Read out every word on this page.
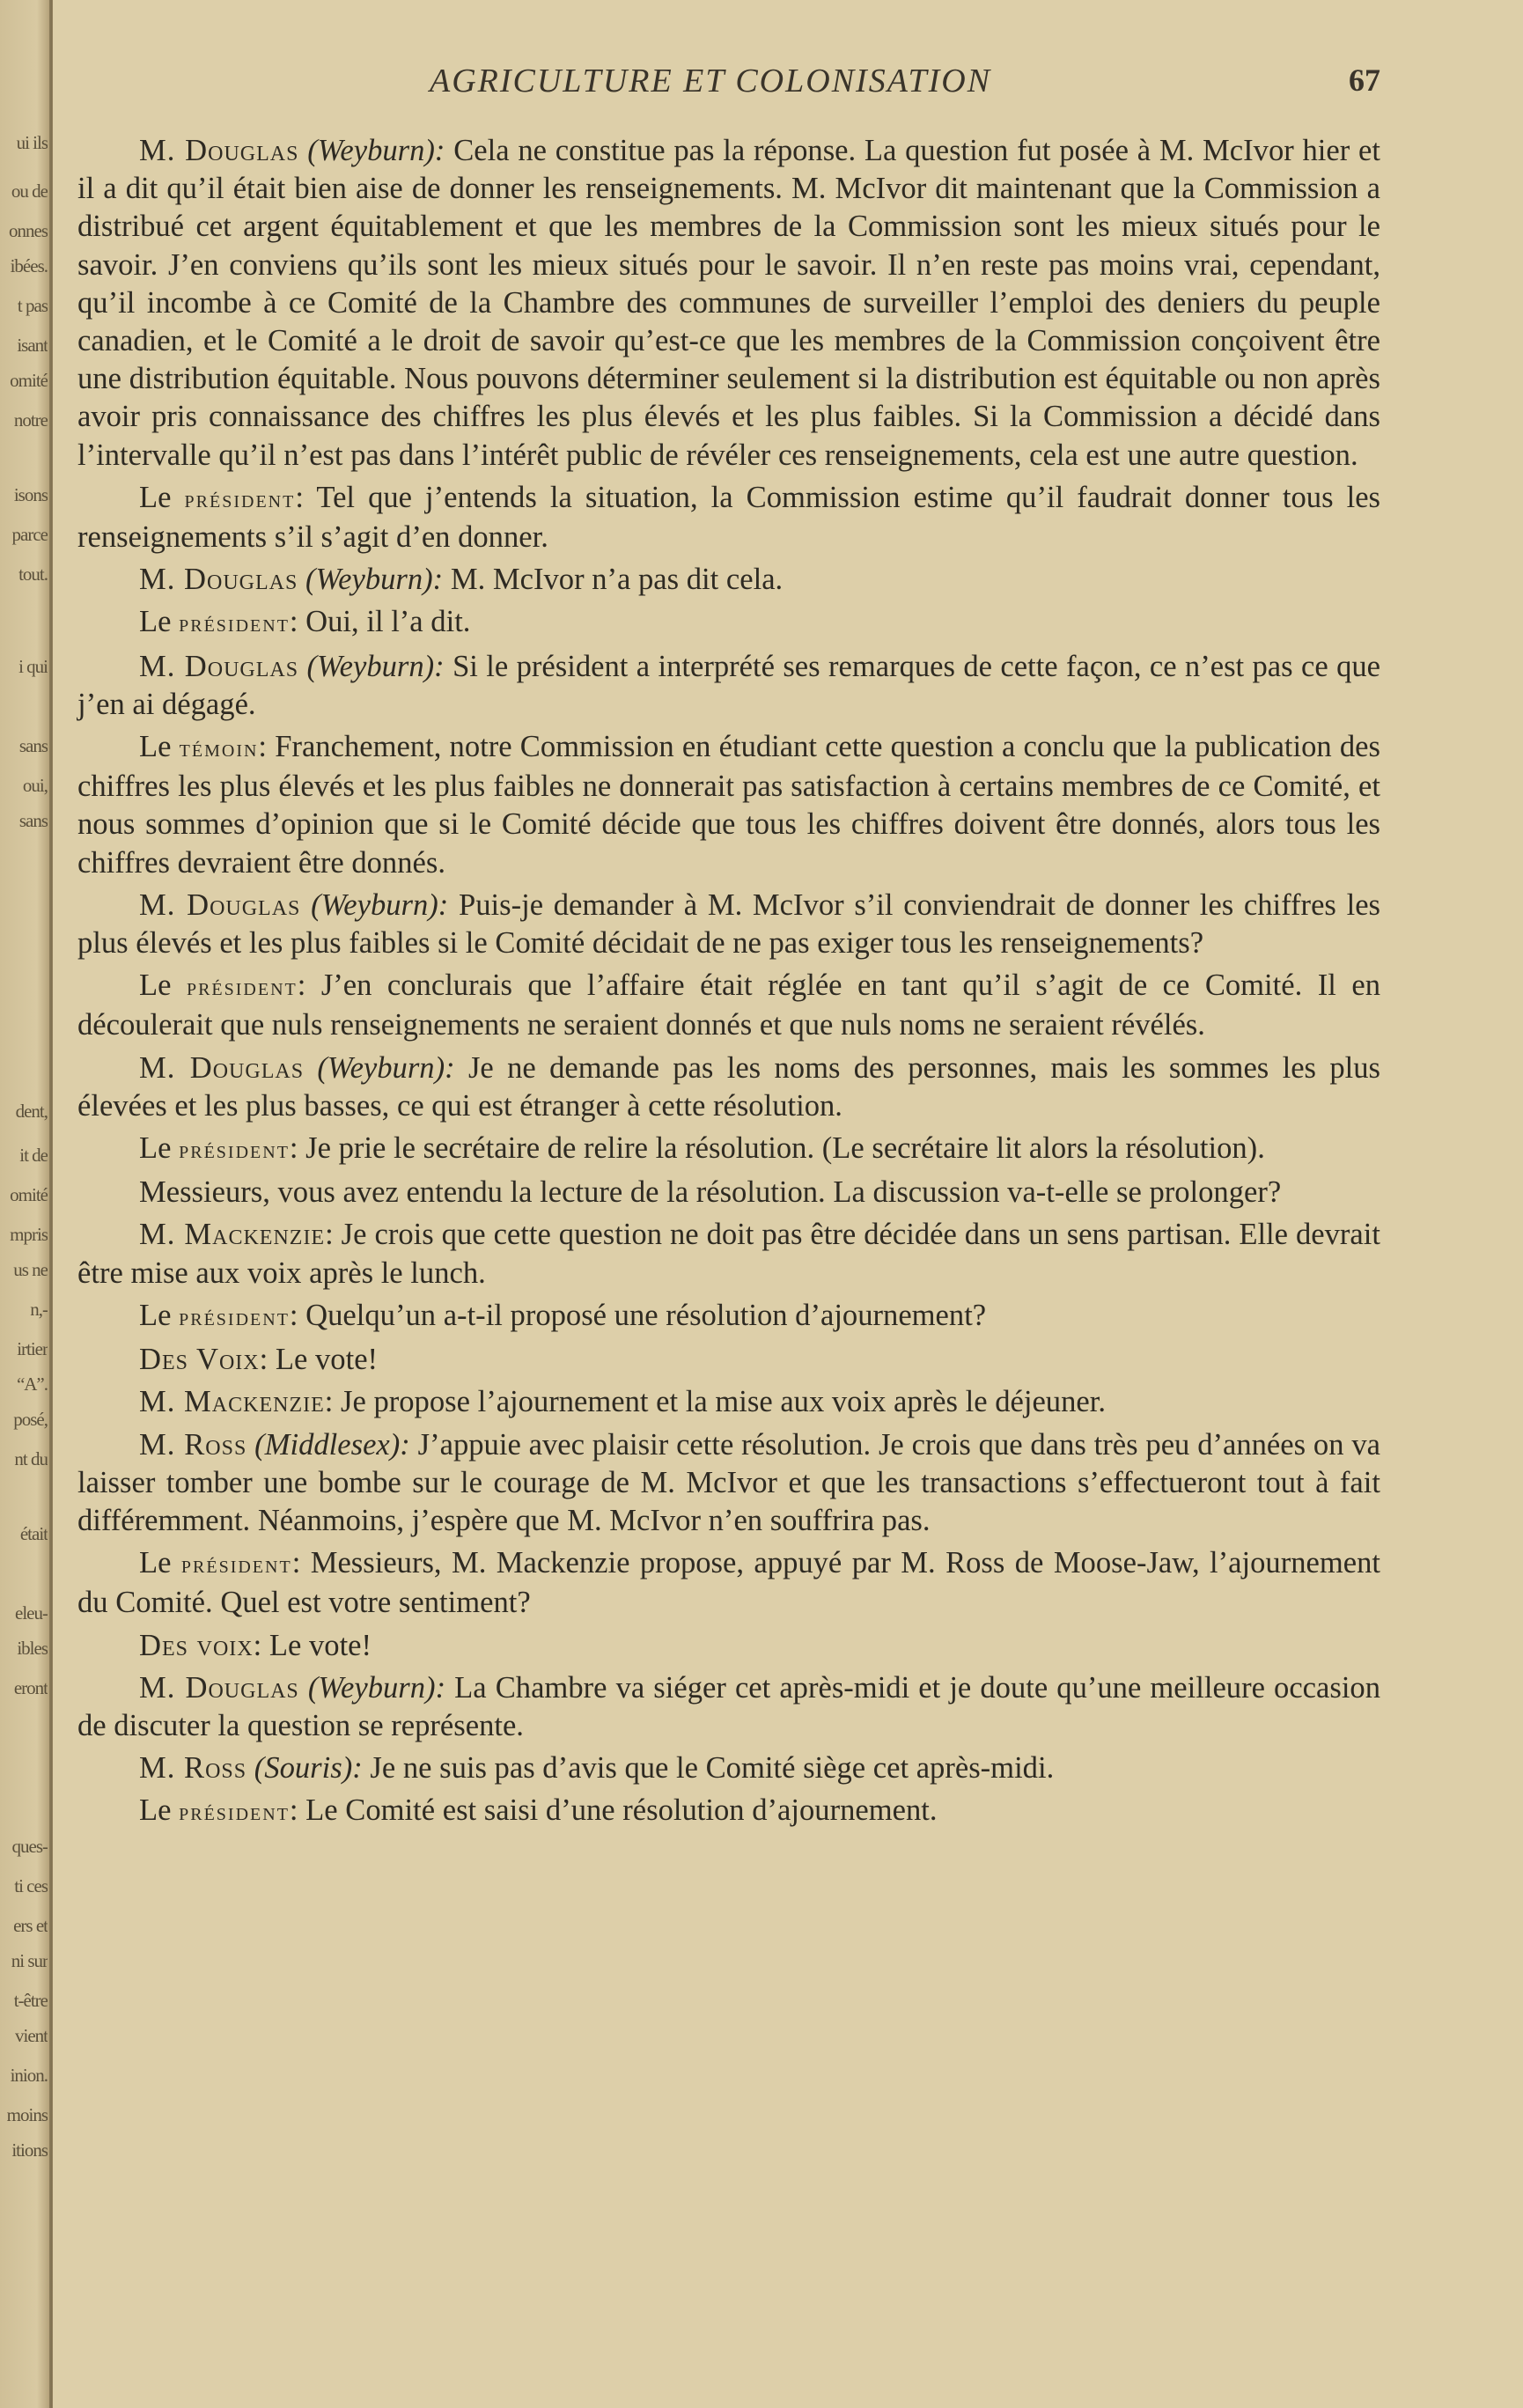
ui ils
ou de
onnes
ibées.
t pas
isant
omité
notre
isons
parce
tout.
i qui
sans
oui,
sans
dent,
it de
omité
mpris
us ne
n,-
irtier
“A”.
posé,
nt du
était
eleu-
ibles
eront
ques-
ti ces
ers et
ni sur
t-être
vient
inion.
moins
itions
AGRICULTURE ET COLONISATION	67

M. Douglas (Weyburn): Cela ne constitue pas la réponse. La question fut posée à M. McIvor hier et il a dit qu’il était bien aise de donner les renseignements. M. McIvor dit maintenant que la Commission a distribué cet argent équitablement et que les membres de la Commission sont les mieux situés pour le savoir. J’en conviens qu’ils sont les mieux situés pour le savoir. Il n’en reste pas moins vrai, cependant, qu’il incombe à ce Comité de la Chambre des communes de surveiller l’emploi des deniers du peuple canadien, et le Comité a le droit de savoir qu’est-ce que les membres de la Commission conçoivent être une distribution équitable. Nous pouvons déterminer seulement si la distribution est équitable ou non après avoir pris connaissance des chiffres les plus élevés et les plus faibles. Si la Commission a décidé dans l’intervalle qu’il n’est pas dans l’intérêt public de révéler ces renseignements, cela est une autre question.

Le président: Tel que j’entends la situation, la Commission estime qu’il faudrait donner tous les renseignements s’il s’agit d’en donner.

M. Douglas (Weyburn): M. McIvor n’a pas dit cela.

Le président: Oui, il l’a dit.

M. Douglas (Weyburn): Si le président a interprété ses remarques de cette façon, ce n’est pas ce que j’en ai dégagé.

Le témoin: Franchement, notre Commission en étudiant cette question a conclu que la publication des chiffres les plus élevés et les plus faibles ne donnerait pas satisfaction à certains membres de ce Comité, et nous sommes d’opinion que si le Comité décide que tous les chiffres doivent être donnés, alors tous les chiffres devraient être donnés.

M. Douglas (Weyburn): Puis-je demander à M. McIvor s’il conviendrait de donner les chiffres les plus élevés et les plus faibles si le Comité décidait de ne pas exiger tous les renseignements?

Le président: J’en conclurais que l’affaire était réglée en tant qu’il s’agit de ce Comité. Il en découlerait que nuls renseignements ne seraient donnés et que nuls noms ne seraient révélés.

M. Douglas (Weyburn): Je ne demande pas les noms des personnes, mais les sommes les plus élevées et les plus basses, ce qui est étranger à cette résolution.

Le président: Je prie le secrétaire de relire la résolution. (Le secrétaire lit alors la résolution).

Messieurs, vous avez entendu la lecture de la résolution. La discussion va-t-elle se prolonger?

M. Mackenzie: Je crois que cette question ne doit pas être décidée dans un sens partisan. Elle devrait être mise aux voix après le lunch.

Le président: Quelqu’un a-t-il proposé une résolution d’ajournement?

Des Voix: Le vote!

M. Mackenzie: Je propose l’ajournement et la mise aux voix après le déjeuner.

M. Ross (Middlesex): J’appuie avec plaisir cette résolution. Je crois que dans très peu d’années on va laisser tomber une bombe sur le courage de M. McIvor et que les transactions s’effectueront tout à fait différemment. Néanmoins, j’espère que M. McIvor n’en souffrira pas.

Le président: Messieurs, M. Mackenzie propose, appuyé par M. Ross de Moose-Jaw, l’ajournement du Comité. Quel est votre sentiment?

Des voix: Le vote!

M. Douglas (Weyburn): La Chambre va siéger cet après-midi et je doute qu’une meilleure occasion de discuter la question se représente.

M. Ross (Souris): Je ne suis pas d’avis que le Comité siège cet après-midi.

Le président: Le Comité est saisi d’une résolution d’ajournement.
